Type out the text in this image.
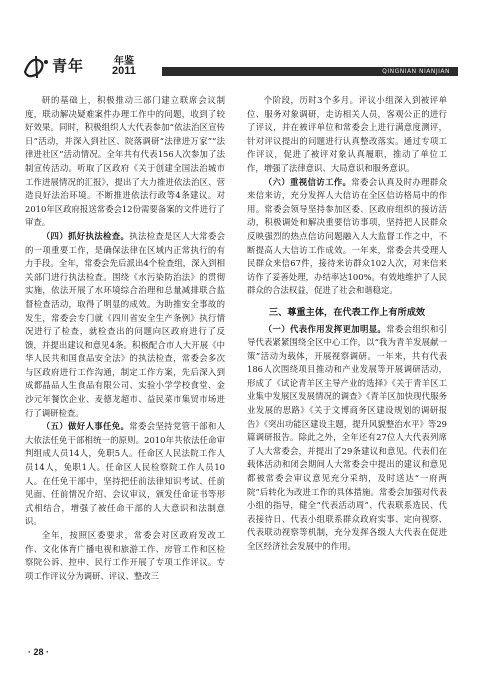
青年	年鉴
2011	QINGNIAN NIANJIAN

研的基础上，积极推动三部门建立联席会议制度，联动解决疑难案件办理工作中的问题，收到了较好效果。同时，积极组织人大代表参加“依法治区宣传日”活动，并深入到社区、院落调研“法律进万家”“法律进社区”活动情况。全年共有代表156人次参加了法制宣传活动。听取了区政府《关于创建全国法治城市工作进展情况的汇报》，提出了大力推进依法治区、营造良好法治环境。不断推进依法行政等4条建议。对2010年区政府报送常委会12份需要备案的文件进行了审查。

（四）抓好执法检查。执法检查是区人大常委会的一项重要工作，是确保法律在区域内正常执行的有力手段。全年，常委会先后派出4个检查组，深入到相关部门进行执法检查。围绕《水污染防治法》的贯彻实施，依法开展了水环境综合治理和总量减排联合监督检查活动，取得了明显的成效。为助推安全事故的发生，常委会专门就《四川省安全生产条例》执行情况进行了检查，就检查出的问题向区政府进行了反馈，并提出建议和意见4条。积极配合市人大开展《中华人民共和国食品安全法》的执法检查，常委会多次与区政府进行工作沟通，制定工作方案，先后深入到成都晶品人生食品有限公司、实验小学学校食堂、金沙元年餐饮企业、麦德龙超市、益民菜市集贸市场进行了调研检查。

（五）做好人事任免。常委会坚持党管干部和人大依法任免干部相统一的原则。2010年共依法任命审判组成人员14人，免职5人。任命区人民法院工作人员14人，免职1人。任命区人民检察院工作人员10人。在任免干部中，坚持把任前法律知识考试、任前见面、任前情况介绍、会议审议，颁发任命证书等形式相结合，增强了被任命干部的人大意识和法制意识。

全年，按照区委要求，常委会对区政府发改工作、文化体育广播电视和旅游工作、房管工作和区检察院公诉、控申、民行工作开展了专项工作评议。专项工作评议分为调研、评议、整改三

个阶段，历时3个多月。评议小组深入到被评单位、服务对象调研，走访相关人员，客观公正的进行了评议，并在被评单位和常委会上进行满意度测评，针对评议提出的问题进行认真整改落实。通过专项工作评议，促进了被评对象认真履职，推动了单位工作，增强了法律意识、大局意识和服务意识。

（六）重视信访工作。常委会认真及时办理群众来信来访，充分发挥人大信访在全区信访格局中的作用。常委会领导坚持参加区委、区政府组织的接访活动，积极调处和解决重要信访事项，坚持把人民群众反映强烈的热点信访问题融入人大监督工作之中，不断提高人大信访工作成效。一年来，常委会共受理人民群众来信67件，接待来访群众102人次，对来信来访作了妥善处理，办结率达100%。有效地维护了人民群众的合法权益，促进了社会和谐稳定。

三、尊重主体，在代表工作上有所成效

（一）代表作用发挥更加明显。常委会组织和引导代表紧紧围绕全区中心工作，以“我为青羊发展献一策”活动为载体，开展视察调研。一年来，共有代表186人次围绕项目推动和产业发展等开展调研活动，形成了《试论青羊区主导产业的选择》《关于青羊区工业集中发展区发展情况的调查》《青羊区加快现代服务业发展的思路》《关于文博商务区建设规划的调研报告》《突出功能区建设主题，提升风貌整治水平》等29篇调研报告。除此之外，全年还有27位人大代表列席了人大常委会，并提出了29条建议和意见。代表们在载体活动和闭会期间人大常委会中提出的建议和意见都被常委会审议意见充分采纳，及时送达“一府两院”后转化为改进工作的具体措施。常委会加强对代表小组的指导，健全“代表活动周”、代表联系选民、代表接待日、代表小组联系群众政府实事、定向视察、代表联动视察等机制，充分发挥各级人大代表在促进全区经济社会发展中的作用。

· 28 ·
